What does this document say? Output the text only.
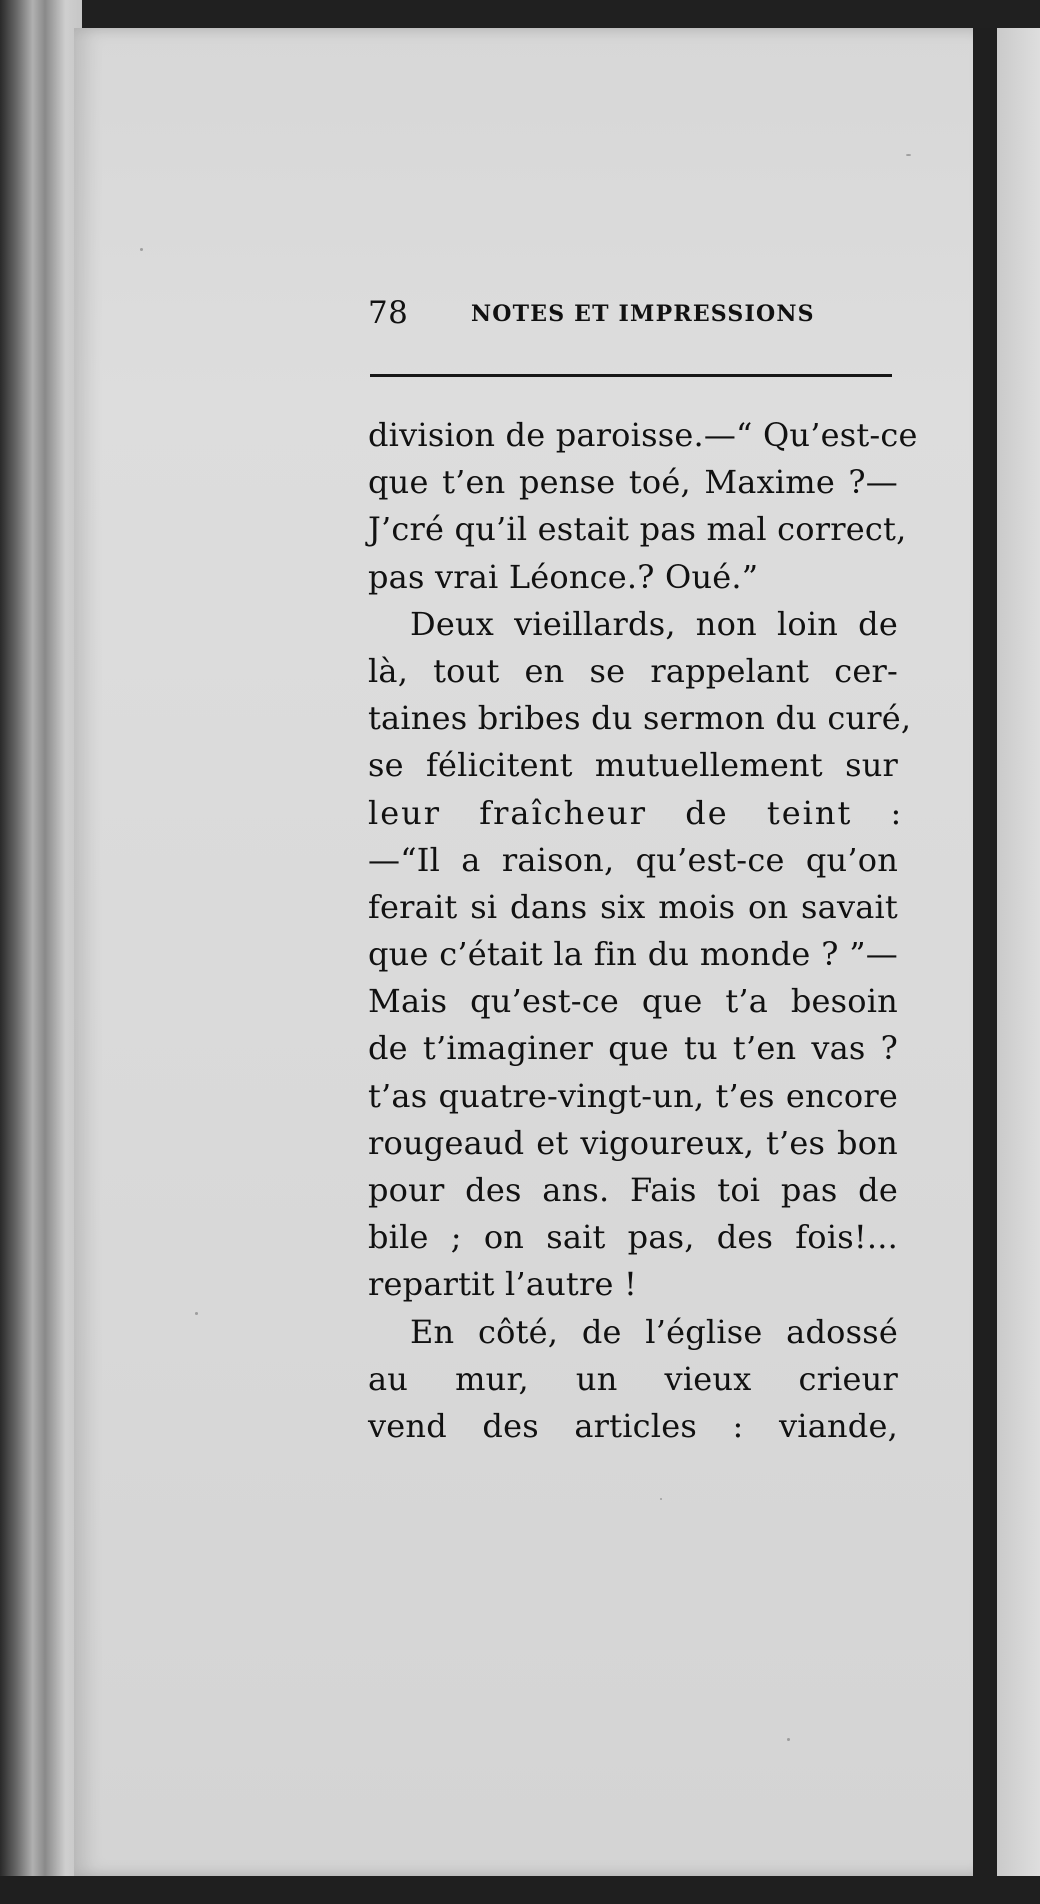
78	NOTES ET IMPRESSIONS
division de paroisse.—“ Qu’est-ce
que t’en pense toé, Maxime ?—
J’cré qu’il estait pas mal correct,
pas vrai Léonce.? Oué.”
Deux vieillards, non loin de
là, tout en se rappelant cer-
taines bribes du sermon du curé,
se félicitent mutuellement sur
leur fraîcheur de teint :
—“Il a raison, qu’est-ce qu’on
ferait si dans six mois on savait
que c’était la fin du monde ? ”—
Mais qu’est-ce que t’a besoin
de t’imaginer que tu t’en vas ?
t’as quatre-vingt-un, t’es encore
rougeaud et vigoureux, t’es bon
pour des ans. Fais toi pas de
bile ; on sait pas, des fois!...
repartit l’autre !
En côté, de l’église adossé
au mur, un vieux crieur
vend des articles : viande,
